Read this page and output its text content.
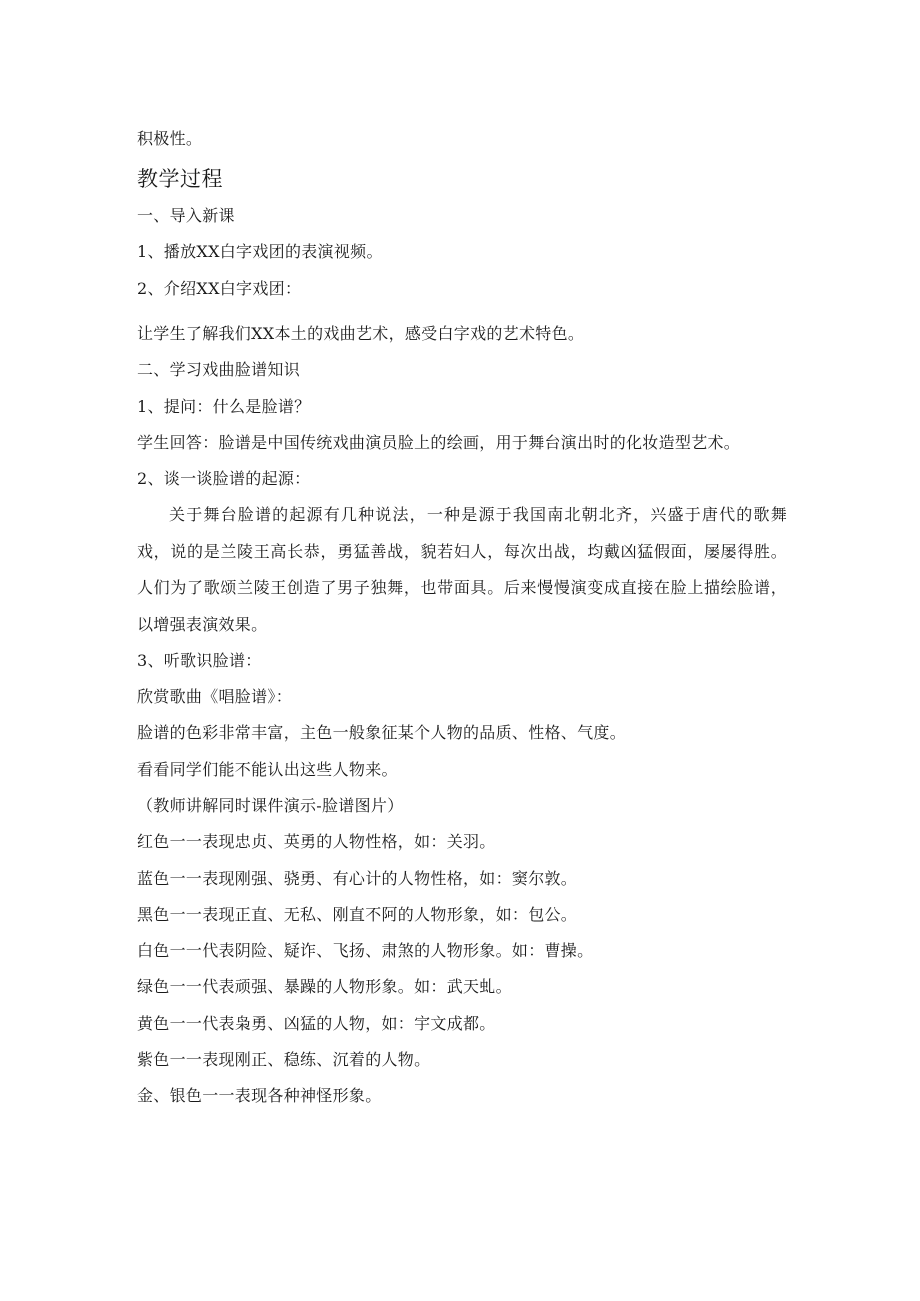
积极性。
教学过程
一、导入新课
1、播放XX白字戏团的表演视频。
2、介绍XX白字戏团：
让学生了解我们XX本土的戏曲艺术，感受白字戏的艺术特色。
二、学习戏曲脸谱知识
1、提问：什么是脸谱？
学生回答：脸谱是中国传统戏曲演员脸上的绘画，用于舞台演出时的化妆造型艺术。
2、谈一谈脸谱的起源：

关于舞台脸谱的起源有几种说法，一种是源于我国南北朝北齐，兴盛于唐代的歌舞戏，说的是兰陵王高长恭，勇猛善战，貌若妇人，每次出战，均戴凶猛假面，屡屡得胜。人们为了歌颂兰陵王创造了男子独舞，也带面具。后来慢慢演变成直接在脸上描绘脸谱，以增强表演效果。

3、听歌识脸谱：
欣赏歌曲《唱脸谱》：
脸谱的色彩非常丰富，主色一般象征某个人物的品质、性格、气度。
看看同学们能不能认出这些人物来。
（教师讲解同时课件演示-脸谱图片）
红色一一表现忠贞、英勇的人物性格，如：关羽。
蓝色一一表现刚强、骁勇、有心计的人物性格，如：窦尔敦。
黑色一一表现正直、无私、刚直不阿的人物形象，如：包公。
白色一一代表阴险、疑诈、飞扬、肃煞的人物形象。如：曹操。
绿色一一代表顽强、暴躁的人物形象。如：武天虬。
黄色一一代表枭勇、凶猛的人物，如：宇文成都。
紫色一一表现刚正、稳练、沉着的人物。
金、银色一一表现各种神怪形象。
